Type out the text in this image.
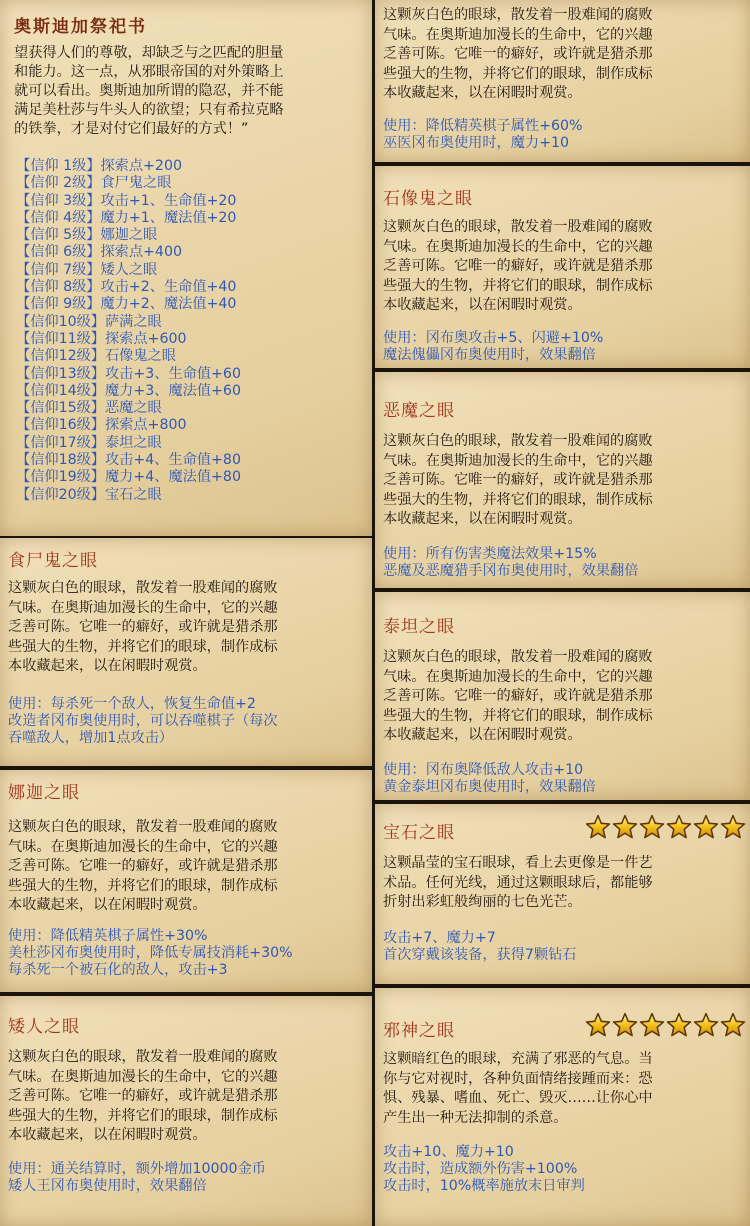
奥斯迪加祭祀书
望获得人们的尊敬，却缺乏与之匹配的胆量
和能力。这一点，从邪眼帝国的对外策略上
就可以看出。奥斯迪加所谓的隐忍，并不能
满足美杜莎与牛头人的欲望；只有希拉克略
的铁拳，才是对付它们最好的方式！”
【信仰 1级】探索点+200
【信仰 2级】食尸鬼之眼
【信仰 3级】攻击+1、生命值+20
【信仰 4级】魔力+1、魔法值+20
【信仰 5级】娜迦之眼
【信仰 6级】探索点+400
【信仰 7级】矮人之眼
【信仰 8级】攻击+2、生命值+40
【信仰 9级】魔力+2、魔法值+40
【信仰10级】萨满之眼
【信仰11级】探索点+600
【信仰12级】石像鬼之眼
【信仰13级】攻击+3、生命值+60
【信仰14级】魔力+3、魔法值+60
【信仰15级】恶魔之眼
【信仰16级】探索点+800
【信仰17级】泰坦之眼
【信仰18级】攻击+4、生命值+80
【信仰19级】魔力+4、魔法值+80
【信仰20级】宝石之眼
食尸鬼之眼
这颗灰白色的眼球，散发着一股难闻的腐败
气味。在奥斯迪加漫长的生命中，它的兴趣
乏善可陈。它唯一的癖好，或许就是猎杀那
些强大的生物，并将它们的眼球，制作成标
本收藏起来，以在闲暇时观赏。
使用：每杀死一个敌人，恢复生命值+2
改造者冈布奥使用时，可以吞噬棋子（每次
吞噬敌人，增加1点攻击）
娜迦之眼
这颗灰白色的眼球，散发着一股难闻的腐败
气味。在奥斯迪加漫长的生命中，它的兴趣
乏善可陈。它唯一的癖好，或许就是猎杀那
些强大的生物，并将它们的眼球，制作成标
本收藏起来，以在闲暇时观赏。
使用：降低精英棋子属性+30%
美杜莎冈布奥使用时，降低专属技消耗+30%
每杀死一个被石化的敌人，攻击+3
矮人之眼
这颗灰白色的眼球，散发着一股难闻的腐败
气味。在奥斯迪加漫长的生命中，它的兴趣
乏善可陈。它唯一的癖好，或许就是猎杀那
些强大的生物，并将它们的眼球，制作成标
本收藏起来，以在闲暇时观赏。
使用：通关结算时，额外增加10000金币
矮人王冈布奥使用时，效果翻倍
这颗灰白色的眼球，散发着一股难闻的腐败
气味。在奥斯迪加漫长的生命中，它的兴趣
乏善可陈。它唯一的癖好，或许就是猎杀那
些强大的生物，并将它们的眼球，制作成标
本收藏起来，以在闲暇时观赏。
使用：降低精英棋子属性+60%
巫医冈布奥使用时，魔力+10
石像鬼之眼
这颗灰白色的眼球，散发着一股难闻的腐败
气味。在奥斯迪加漫长的生命中，它的兴趣
乏善可陈。它唯一的癖好，或许就是猎杀那
些强大的生物，并将它们的眼球，制作成标
本收藏起来，以在闲暇时观赏。
使用：冈布奥攻击+5、闪避+10%
魔法傀儡冈布奥使用时，效果翻倍
恶魔之眼
这颗灰白色的眼球，散发着一股难闻的腐败
气味。在奥斯迪加漫长的生命中，它的兴趣
乏善可陈。它唯一的癖好，或许就是猎杀那
些强大的生物，并将它们的眼球，制作成标
本收藏起来，以在闲暇时观赏。
使用：所有伤害类魔法效果+15%
恶魔及恶魔猎手冈布奥使用时，效果翻倍
泰坦之眼
这颗灰白色的眼球，散发着一股难闻的腐败
气味。在奥斯迪加漫长的生命中，它的兴趣
乏善可陈。它唯一的癖好，或许就是猎杀那
些强大的生物，并将它们的眼球，制作成标
本收藏起来，以在闲暇时观赏。
使用：冈布奥降低敌人攻击+10
黄金泰坦冈布奥使用时，效果翻倍
宝石之眼
这颗晶莹的宝石眼球，看上去更像是一件艺
术品。任何光线，通过这颗眼球后，都能够
折射出彩虹般绚丽的七色光芒。
攻击+7、魔力+7
首次穿戴该装备，获得7颗钻石
邪神之眼
这颗暗红色的眼球，充满了邪恶的气息。当
你与它对视时，各种负面情绪接踵而来：恐
惧、残暴、嗜血、死亡、毁灭……让你心中
产生出一种无法抑制的杀意。
攻击+10、魔力+10
攻击时，造成额外伤害+100%
攻击时，10%概率施放末日审判
